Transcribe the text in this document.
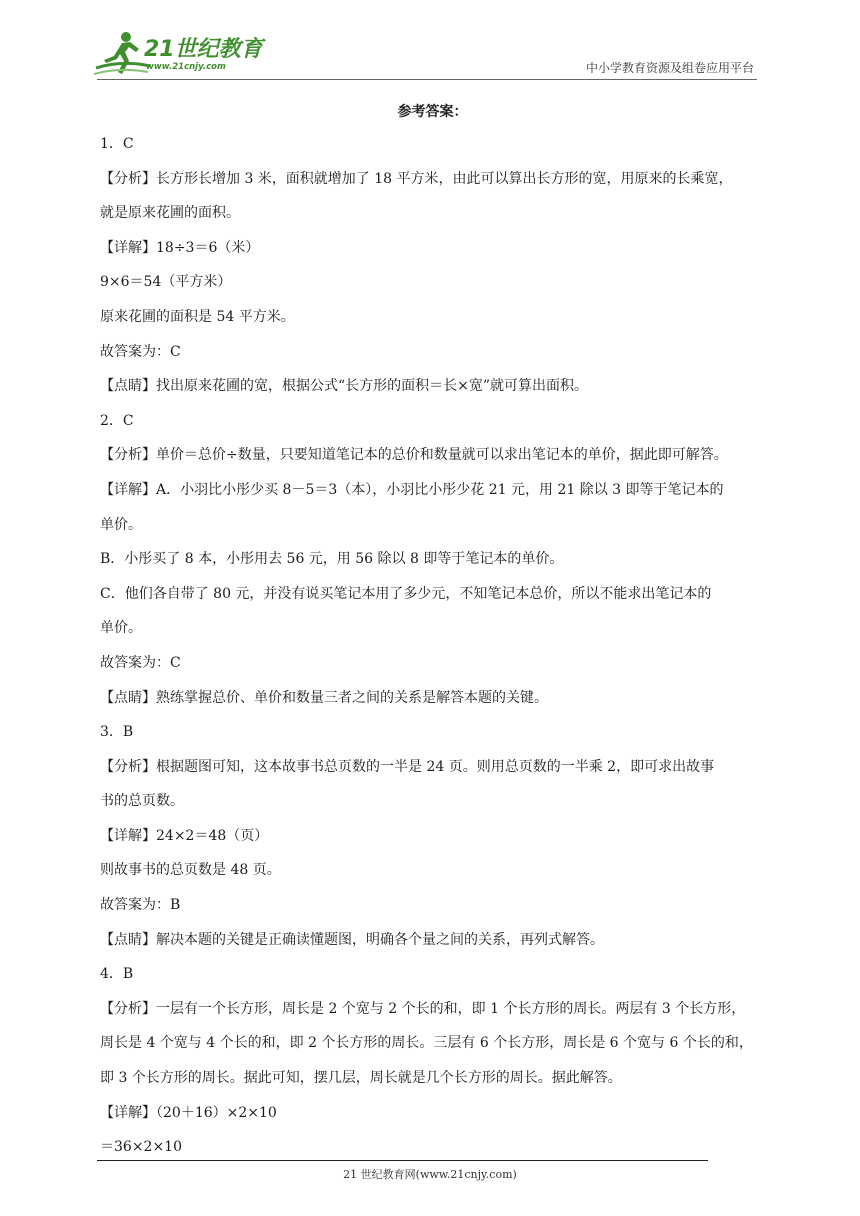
21世纪教育
www.21cnjy.com	中小学教育资源及组卷应用平台
参考答案：
1．C
【分析】长方形长增加 3 米，面积就增加了 18 平方米，由此可以算出长方形的宽，用原来的长乘宽，
就是原来花圃的面积。
【详解】18÷3＝6（米）
9×6＝54（平方米）
原来花圃的面积是 54 平方米。
故答案为：C
【点睛】找出原来花圃的宽，根据公式“长方形的面积＝长×宽”就可算出面积。
2．C
【分析】单价＝总价÷数量，只要知道笔记本的总价和数量就可以求出笔记本的单价，据此即可解答。
【详解】A．小羽比小彤少买 8－5＝3（本），小羽比小彤少花 21 元，用 21 除以 3 即等于笔记本的
单价。
B．小彤买了 8 本，小彤用去 56 元，用 56 除以 8 即等于笔记本的单价。
C．他们各自带了 80 元，并没有说买笔记本用了多少元，不知笔记本总价，所以不能求出笔记本的
单价。
故答案为：C
【点睛】熟练掌握总价、单价和数量三者之间的关系是解答本题的关键。
3．B
【分析】根据题图可知，这本故事书总页数的一半是 24 页。则用总页数的一半乘 2，即可求出故事
书的总页数。
【详解】24×2＝48（页）
则故事书的总页数是 48 页。
故答案为：B
【点睛】解决本题的关键是正确读懂题图，明确各个量之间的关系，再列式解答。
4．B
【分析】一层有一个长方形，周长是 2 个宽与 2 个长的和，即 1 个长方形的周长。两层有 3 个长方形，
周长是 4 个宽与 4 个长的和，即 2 个长方形的周长。三层有 6 个长方形，周长是 6 个宽与 6 个长的和，
即 3 个长方形的周长。据此可知，摆几层，周长就是几个长方形的周长。据此解答。
【详解】（20＋16）×2×10
＝36×2×10
21 世纪教育网(www.21cnjy.com)
